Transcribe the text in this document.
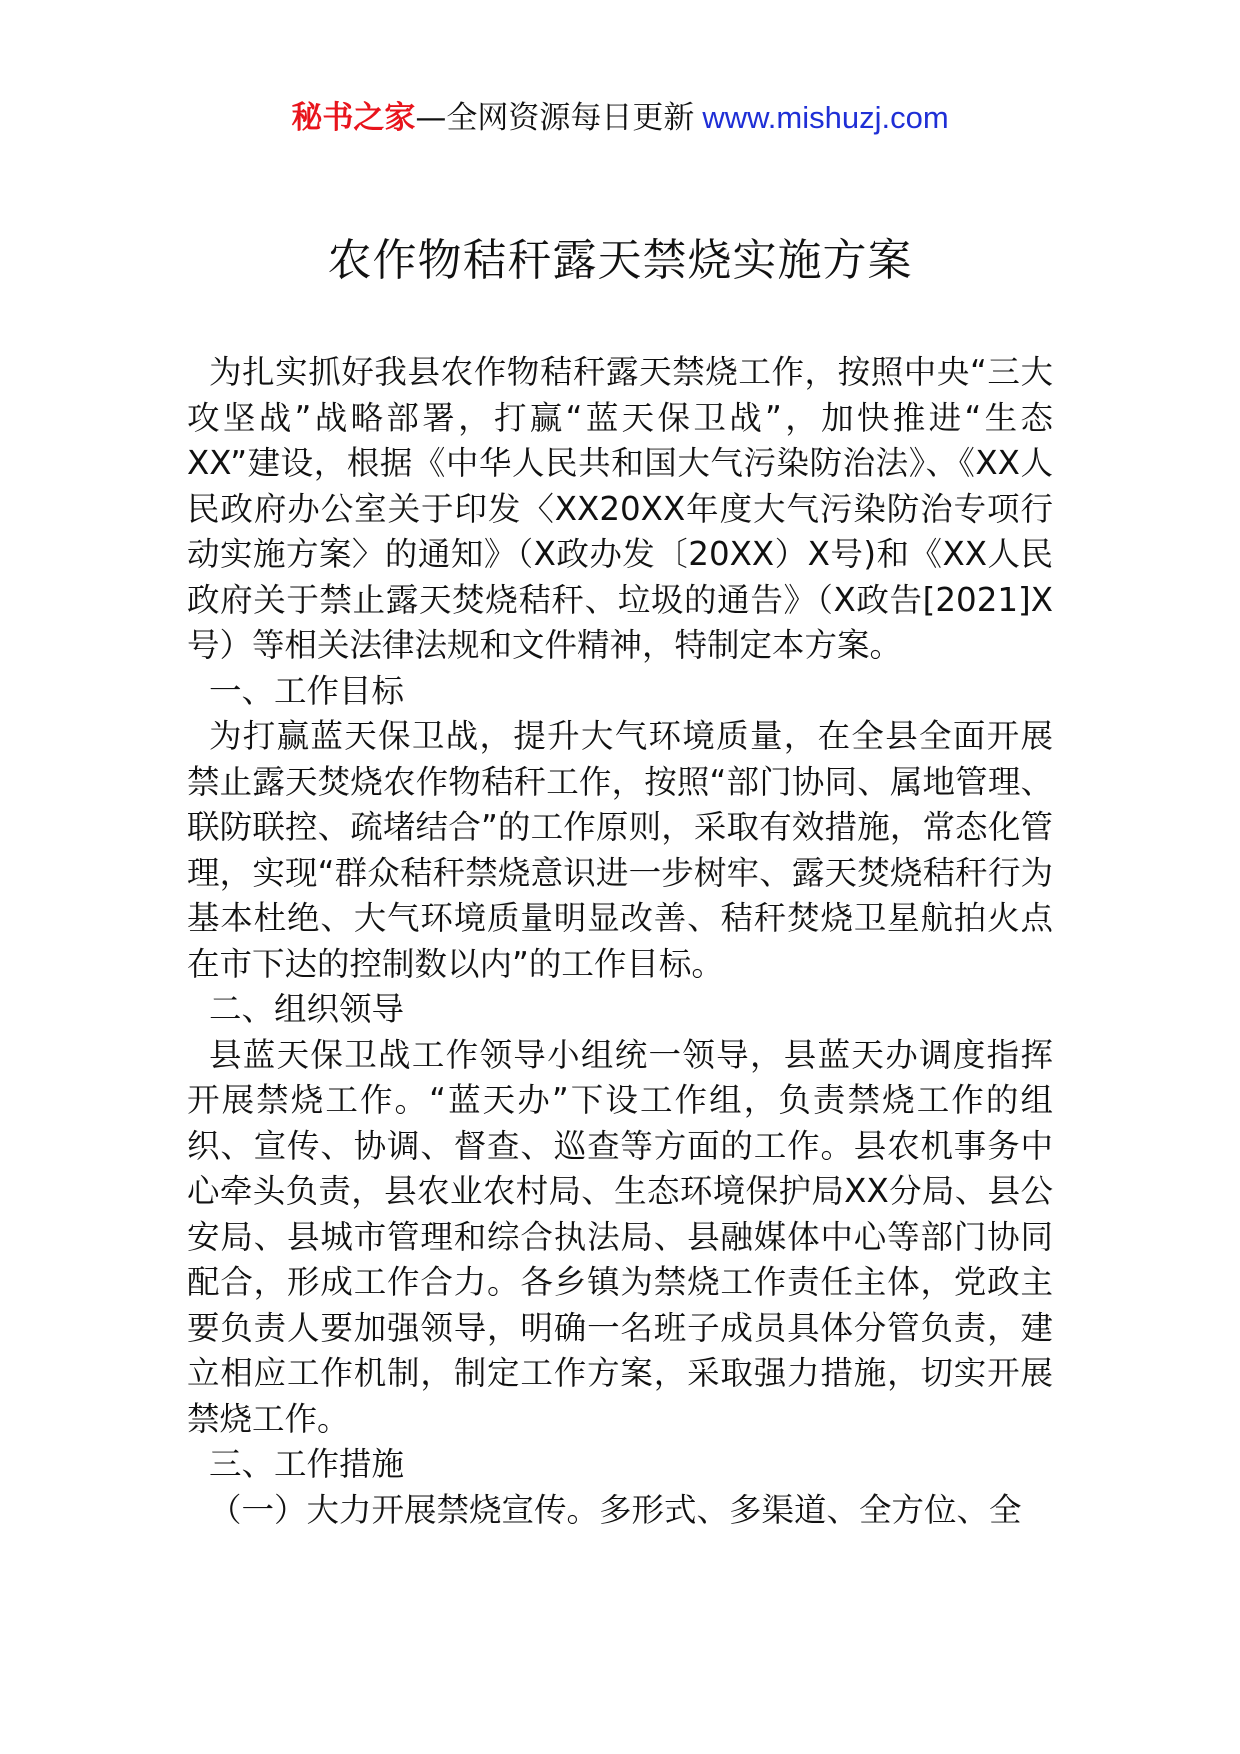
秘书之家—全网资源每日更新 www.mishuzj.com
农作物秸秆露天禁烧实施方案

为扎实抓好我县农作物秸秆露天禁烧工作，按照中央“三大攻坚战”战略部署，打赢“蓝天保卫战”，加快推进“生态XX”建设，根据《中华人民共和国大气污染防治法》、《XX人民政府办公室关于印发〈XX20XX年度大气污染防治专项行动实施方案〉的通知》（X政办发〔20XX）X号)和《XX人民政府关于禁止露天焚烧秸秆、垃圾的通告》（X政告[2021]X号）等相关法律法规和文件精神，特制定本方案。

一、工作目标

为打赢蓝天保卫战，提升大气环境质量，在全县全面开展禁止露天焚烧农作物秸秆工作，按照“部门协同、属地管理、联防联控、疏堵结合”的工作原则，采取有效措施，常态化管理，实现“群众秸秆禁烧意识进一步树牢、露天焚烧秸秆行为基本杜绝、大气环境质量明显改善、秸秆焚烧卫星航拍火点在市下达的控制数以内”的工作目标。

二、组织领导

县蓝天保卫战工作领导小组统一领导，县蓝天办调度指挥开展禁烧工作。“蓝天办”下设工作组，负责禁烧工作的组织、宣传、协调、督查、巡查等方面的工作。县农机事务中心牵头负责，县农业农村局、生态环境保护局XX分局、县公安局、县城市管理和综合执法局、县融媒体中心等部门协同配合，形成工作合力。各乡镇为禁烧工作责任主体，党政主要负责人要加强领导，明确一名班子成员具体分管负责，建立相应工作机制，制定工作方案，采取强力措施，切实开展禁烧工作。

三、工作措施

（一）大力开展禁烧宣传。多形式、多渠道、全方位、全
